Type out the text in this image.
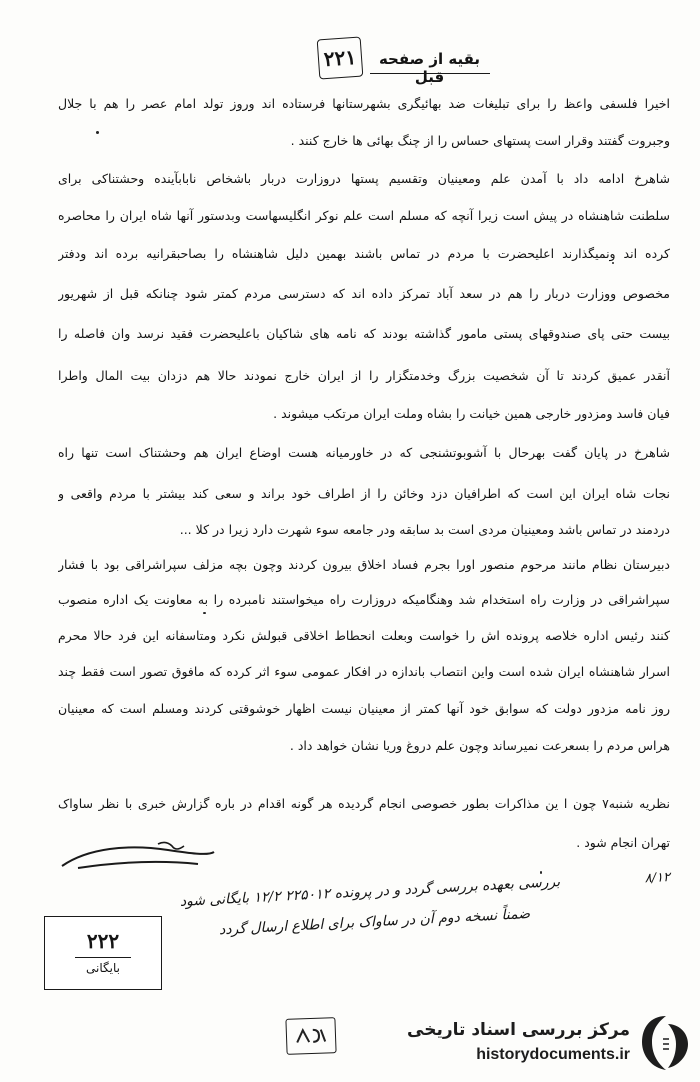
۲۲۱	بقیه از صفحه قبل
اخیرا فلسفی واعظ را برای تبلیغات ضد بهائیگری بشهرستانها فرستاده اند وروز تولد امام عصر را هم با جلال
وجبروت گفتند وقرار است پستهای حساس را از چنگ بهائی ها خارج کنند .
شاهرخ ادامه داد با آمدن علم ومعینیان وتقسیم پستها دروزارت دربار باشخاص نابابآینده وحشتناکی برای
سلطنت شاهنشاه در پیش است زیرا آنچه که مسلم است علم نوکر انگلیسهاست وبدستور آنها شاه ایران را محاصره
کرده اند ونمیگذارند اعلیحضرت با مردم در تماس باشند بهمین دلیل شاهنشاه را بصاحبقرانیه برده اند ودفتر
مخصوص ووزارت دربار را هم در سعد آباد تمرکز داده اند که دسترسی مردم کمتر شود چنانکه قبل از شهریور
بیست حتی پای صندوقهای پستی مامور گذاشته بودند که نامه های شاکیان باعلیحضرت فقید نرسد وان فاصله را
آنقدر عمیق کردند تا آن شخصیت بزرگ وخدمتگزار را از ایران خارج نمودند حالا هم دزدان بیت المال واطرا
فیان فاسد ومزدور خارجی همین خیانت را بشاه وملت ایران مرتکب میشوند .
شاهرخ در پایان گفت بهرحال با آشوبوتشنجی که در خاورمیانه هست اوضاع ایران هم وحشتناک است تنها راه
نجات شاه ایران این است که اطرافیان دزد وخائن را از اطراف خود براند و سعی کند بیشتر با مردم واقعی و
دردمند در تماس باشد ومعینیان مردی است بد سابقه ودر جامعه سوء شهرت دارد زیرا در کلا ...
دبیرستان نظام مانند مرحوم منصور اورا بجرم فساد اخلاق بیرون کردند وچون بچه مزلف سپراشراقی بود با فشار
سپراشراقی در وزارت راه استخدام شد وهنگامیکه دروزارت راه میخواستند نامبرده را به معاونت یک اداره منصوب
کنند رئیس اداره خلاصه پرونده اش را خواست وبعلت انحطاط اخلاقی قبولش نکرد ومتاسفانه این فرد حالا محرم
اسرار شاهنشاه ایران شده است واین انتصاب باندازه در افکار عمومی سوء اثر کرده که مافوق تصور است فقط چند
روز نامه مزدور دولت که سوابق خود آنها کمتر از معینیان نیست اظهار خوشوقتی کردند ومسلم است که معینیان
هراس مردم را بسعرعت نمیرساند وچون علم دروغ وریا نشان خواهد داد .
نظریه شنبه۷ چون ا ین مذاکرات بطور خصوصی انجام گردیده هر گونه اقدام در باره گزارش خبری با نظر ساواک
تهران انجام شود .
بررسی بعهده بررسی گردد و در پرونده ۲۲۵۰۱۲ ۱۲/۲ بایگانی شود
ضمناً نسخه دوم آن در ساواک برای اطلاع ارسال گردد
۸/۱۲
۲۲۲
بایگانی
مرکز بررسی اسناد تاریخی
historydocuments.ir
